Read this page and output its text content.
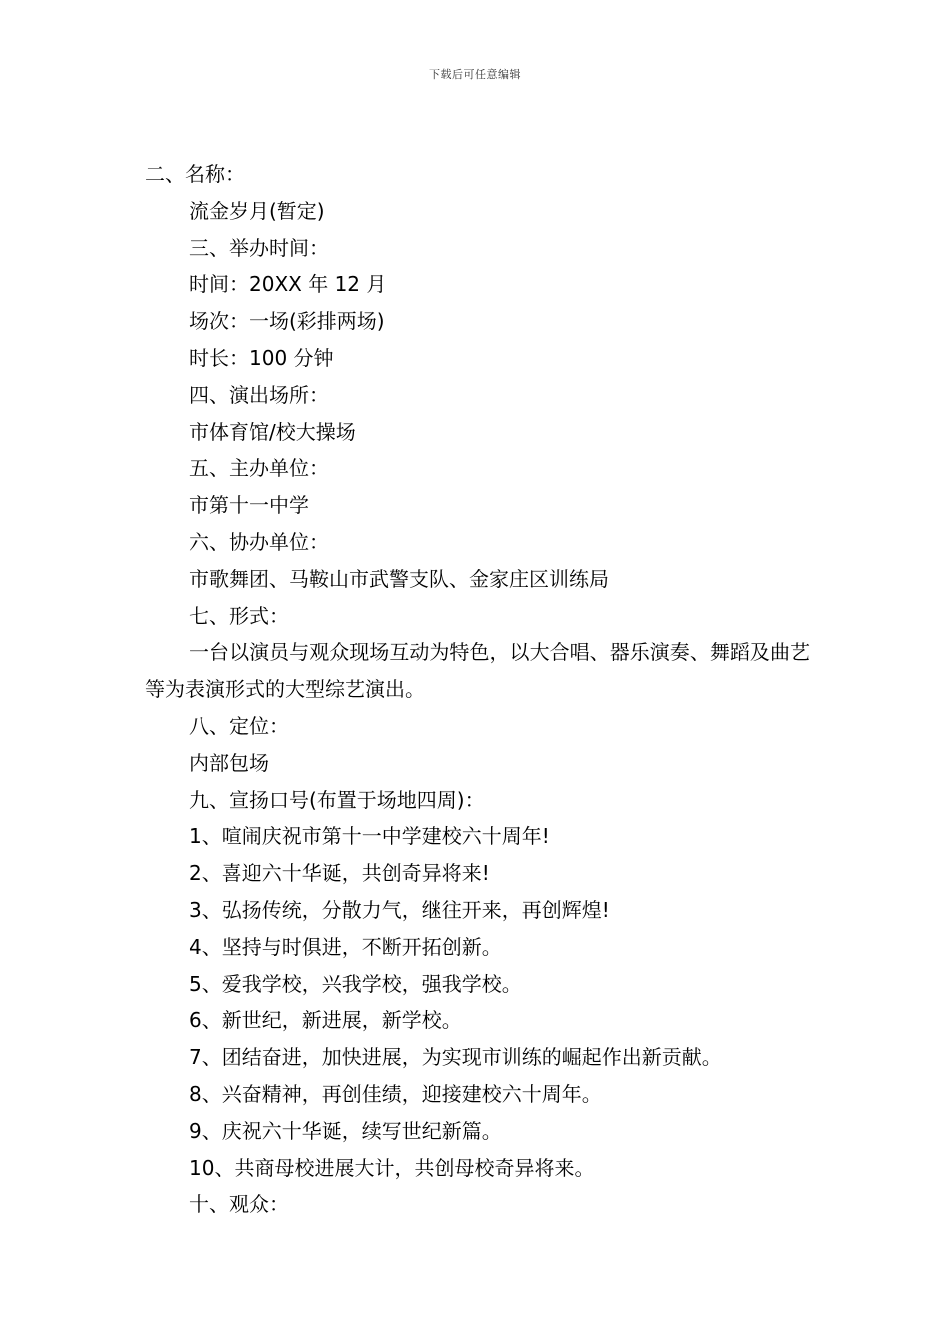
下载后可任意编辑
二、名称：
流金岁月(暂定)
三、举办时间：
时间：20XX 年 12 月
场次：一场(彩排两场)
时长：100 分钟
四、演出场所：
市体育馆/校大操场
五、主办单位：
市第十一中学
六、协办单位：
市歌舞团、马鞍山市武警支队、金家庄区训练局
七、形式：
一台以演员与观众现场互动为特色，以大合唱、器乐演奏、舞蹈及曲艺等为表演形式的大型综艺演出。
八、定位：
内部包场
九、宣扬口号(布置于场地四周)：
1、喧闹庆祝市第十一中学建校六十周年!
2、喜迎六十华诞，共创奇异将来!
3、弘扬传统，分散力气，继往开来，再创辉煌!
4、坚持与时俱进，不断开拓创新。
5、爱我学校，兴我学校，强我学校。
6、新世纪，新进展，新学校。
7、团结奋进，加快进展，为实现市训练的崛起作出新贡献。
8、兴奋精神，再创佳绩，迎接建校六十周年。
9、庆祝六十华诞，续写世纪新篇。
10、共商母校进展大计，共创母校奇异将来。
十、观众：
